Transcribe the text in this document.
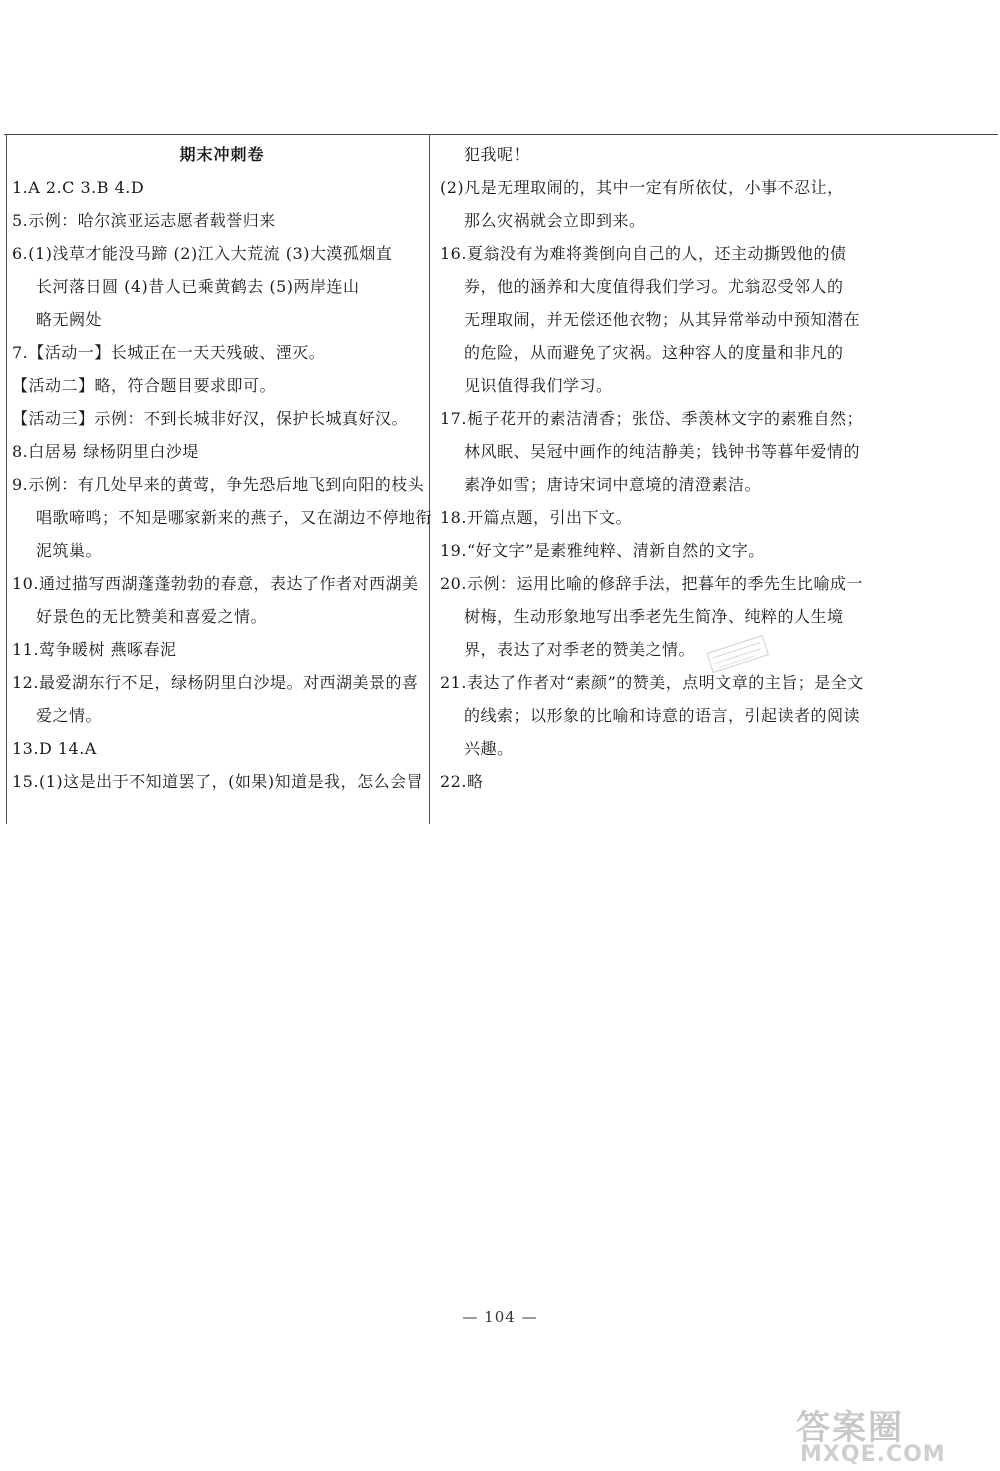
期末冲刺卷
1.A 2.C 3.B 4.D
5.示例：哈尔滨亚运志愿者载誉归来
6.(1)浅草才能没马蹄 (2)江入大荒流 (3)大漠孤烟直
长河落日圆 (4)昔人已乘黄鹤去 (5)两岸连山
略无阙处
7.【活动一】长城正在一天天残破、湮灭。
【活动二】略，符合题目要求即可。
【活动三】示例：不到长城非好汉，保护长城真好汉。
8.白居易 绿杨阴里白沙堤
9.示例：有几处早来的黄莺，争先恐后地飞到向阳的枝头
唱歌啼鸣；不知是哪家新来的燕子，又在湖边不停地衔
泥筑巢。
10.通过描写西湖蓬蓬勃勃的春意，表达了作者对西湖美
好景色的无比赞美和喜爱之情。
11.莺争暖树 燕啄春泥
12.最爱湖东行不足，绿杨阴里白沙堤。对西湖美景的喜
爱之情。
13.D 14.A
15.(1)这是出于不知道罢了，(如果)知道是我，怎么会冒
犯我呢！
(2)凡是无理取闹的，其中一定有所依仗，小事不忍让，
那么灾祸就会立即到来。
16.夏翁没有为难将粪倒向自己的人，还主动撕毁他的债
券，他的涵养和大度值得我们学习。尤翁忍受邻人的
无理取闹，并无偿还他衣物；从其异常举动中预知潜在
的危险，从而避免了灾祸。这种容人的度量和非凡的
见识值得我们学习。
17.栀子花开的素洁清香；张岱、季羡林文字的素雅自然；
林风眠、吴冠中画作的纯洁静美；钱钟书等暮年爱情的
素净如雪；唐诗宋词中意境的清澄素洁。
18.开篇点题，引出下文。
19.“好文字”是素雅纯粹、清新自然的文字。
20.示例：运用比喻的修辞手法，把暮年的季先生比喻成一
树梅，生动形象地写出季老先生简净、纯粹的人生境
界，表达了对季老的赞美之情。
21.表达了作者对“素颜”的赞美，点明文章的主旨；是全文
的线索；以形象的比喻和诗意的语言，引起读者的阅读
兴趣。
22.略
— 104 —
答案圈
MXQE.COM
